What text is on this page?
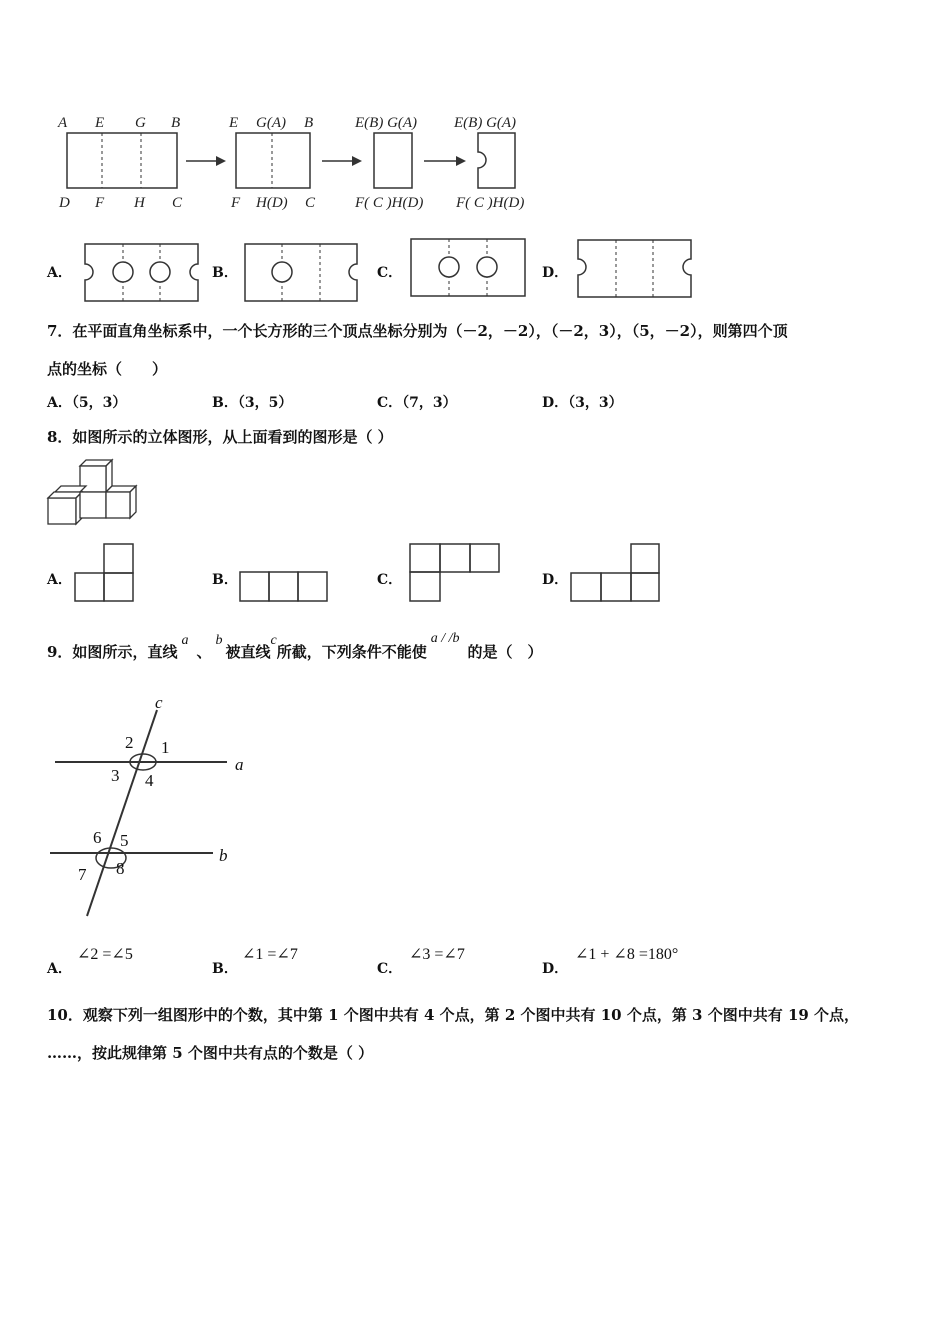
A E G B
D F H C
E G(A) B
F H(D) C
E(B) G(A)
F( C )H(D)
E(B) G(A)
F( C )H(D)
A．	B．	C．	D．
7．在平面直角坐标系中，一个长方形的三个顶点坐标分别为（－2，－2），（－2，3），（5，－2），则第四个顶
点的坐标（　　）
A．（5，3）	B．（3，5）	C．（7，3）	D．（3，3）
8．如图所示的立体图形，从上面看到的图形是（ ）
A．	B．	C．	D．
9．如图所示，直线a、b被直线c所截，下列条件不能使a / /b的是（　）
c
a
b
1
2
3 4
5
6
7 8
A．
∠2 =∠5
B．
∠1 =∠7
C．
∠3 =∠7
D．
∠1 + ∠8 =180°
10．观察下列一组图形中的个数，其中第 1 个图中共有 4 个点，第 2 个图中共有 10 个点，第 3 个图中共有 19 个点，
……，按此规律第 5 个图中共有点的个数是（ ）
